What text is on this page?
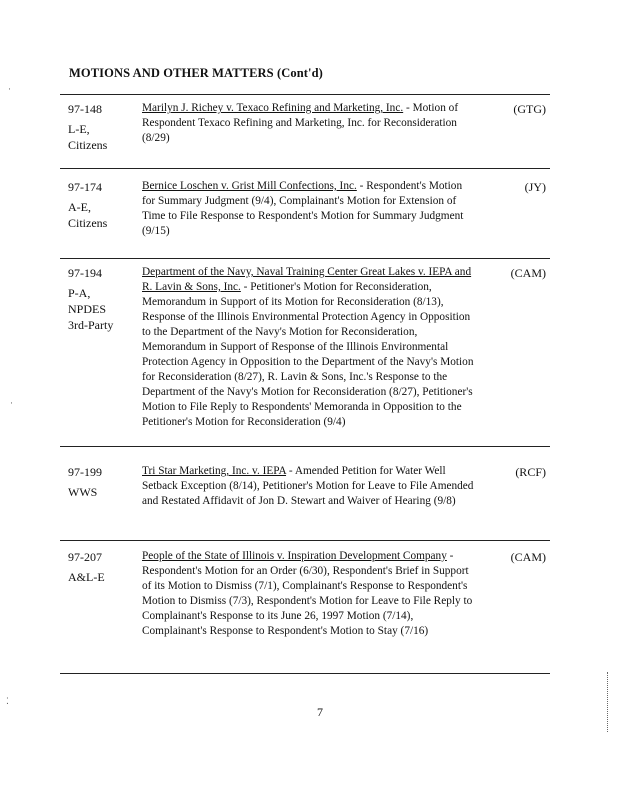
MOTIONS AND OTHER MATTERS (Cont'd)
97-148
L-E,
Citizens
Marilyn J. Richey v. Texaco Refining and Marketing, Inc. - Motion of Respondent Texaco Refining and Marketing, Inc. for Reconsideration (8/29)
(GTG)
97-174
A-E,
Citizens
Bernice Loschen v. Grist Mill Confections, Inc. - Respondent's Motion for Summary Judgment (9/4), Complainant's Motion for Extension of Time to File Response to Respondent's Motion for Summary Judgment (9/15)
(JY)
97-194
P-A,
NPDES
3rd-Party
Department of the Navy, Naval Training Center Great Lakes v. IEPA and R. Lavin & Sons, Inc. - Petitioner's Motion for Reconsideration, Memorandum in Support of its Motion for Reconsideration (8/13), Response of the Illinois Environmental Protection Agency in Opposition to the Department of the Navy's Motion for Reconsideration, Memorandum in Support of Response of the Illinois Environmental Protection Agency in Opposition to the Department of the Navy's Motion for Reconsideration (8/27), R. Lavin & Sons, Inc.'s Response to the Department of the Navy's Motion for Reconsideration (8/27), Petitioner's Motion to File Reply to Respondents' Memoranda in Opposition to the Petitioner's Motion for Reconsideration (9/4)
(CAM)
97-199
WWS
Tri Star Marketing, Inc. v. IEPA - Amended Petition for Water Well Setback Exception (8/14), Petitioner's Motion for Leave to File Amended and Restated Affidavit of Jon D. Stewart and Waiver of Hearing (9/8)
(RCF)
97-207
A&L-E
People of the State of Illinois v. Inspiration Development Company - Respondent's Motion for an Order (6/30), Respondent's Brief in Support of its Motion to Dismiss (7/1), Complainant's Response to Respondent's Motion to Dismiss (7/3), Respondent's Motion for Leave to File Reply to Complainant's Response to its June 26, 1997 Motion (7/14), Complainant's Response to Respondent's Motion to Stay (7/16)
(CAM)
7
·
·
⁚
